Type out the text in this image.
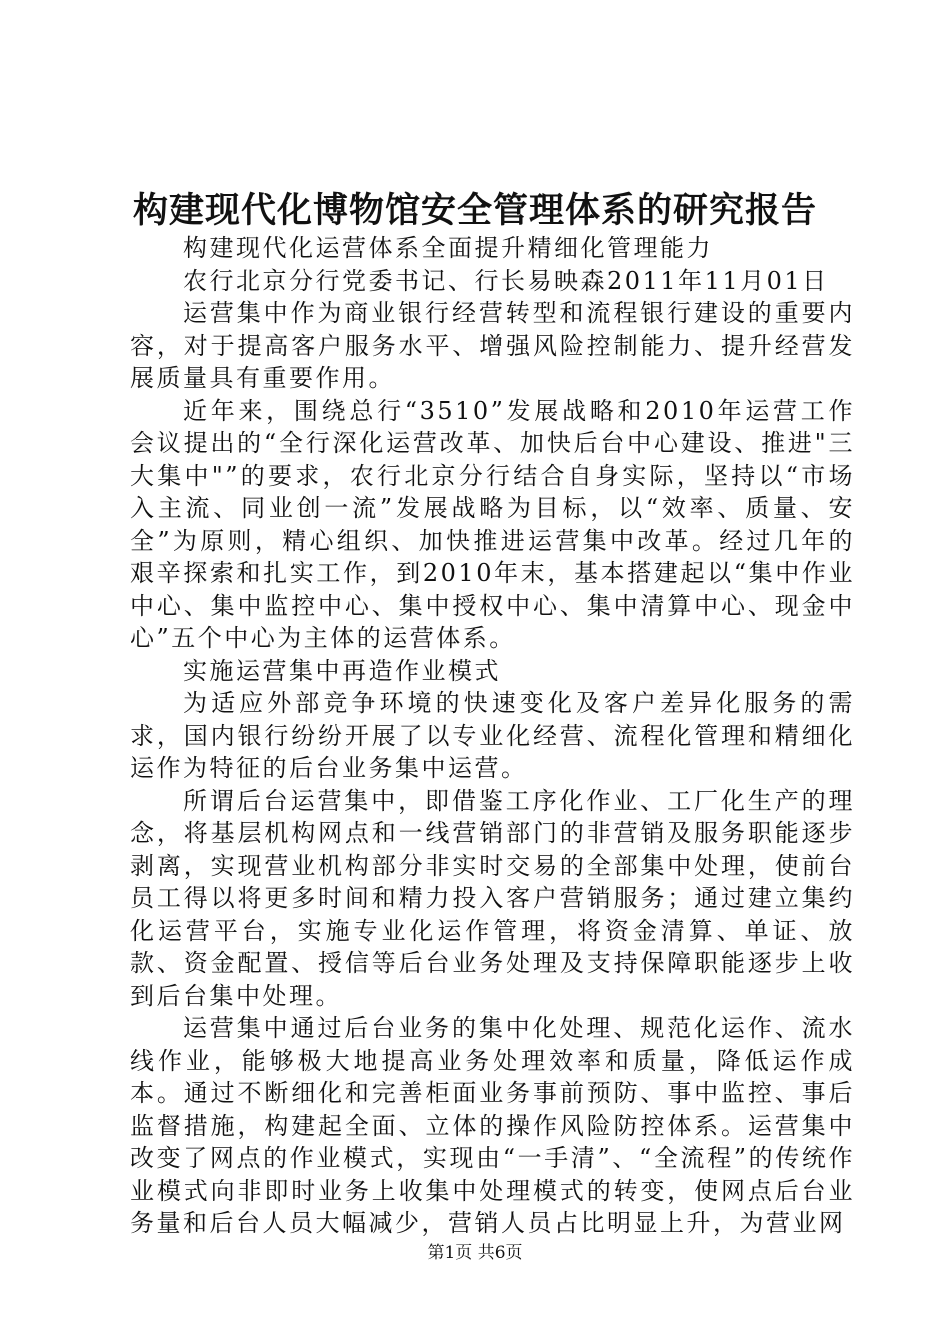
构建现代化博物馆安全管理体系的研究报告

构建现代化运营体系全面提升精细化管理能力

农行北京分行党委书记、行长易映森2011年11月01日

运营集中作为商业银行经营转型和流程银行建设的重要内容，对于提高客户服务水平、增强风险控制能力、提升经营发展质量具有重要作用。

近年来，围绕总行“3510”发展战略和2010年运营工作会议提出的“全行深化运营改革、加快后台中心建设、推进"三大集中"”的要求，农行北京分行结合自身实际，坚持以“市场入主流、同业创一流”发展战略为目标，以“效率、质量、安全”为原则，精心组织、加快推进运营集中改革。经过几年的艰辛探索和扎实工作，到2010年末，基本搭建起以“集中作业中心、集中监控中心、集中授权中心、集中清算中心、现金中心”五个中心为主体的运营体系。

实施运营集中再造作业模式

为适应外部竞争环境的快速变化及客户差异化服务的需求，国内银行纷纷开展了以专业化经营、流程化管理和精细化运作为特征的后台业务集中运营。

所谓后台运营集中，即借鉴工序化作业、工厂化生产的理念，将基层机构网点和一线营销部门的非营销及服务职能逐步剥离，实现营业机构部分非实时交易的全部集中处理，使前台员工得以将更多时间和精力投入客户营销服务；通过建立集约化运营平台，实施专业化运作管理，将资金清算、单证、放款、资金配置、授信等后台业务处理及支持保障职能逐步上收到后台集中处理。

运营集中通过后台业务的集中化处理、规范化运作、流水线作业，能够极大地提高业务处理效率和质量，降低运作成本。通过不断细化和完善柜面业务事前预防、事中监控、事后监督措施，构建起全面、立体的操作风险防控体系。运营集中改变了网点的作业模式，实现由“一手清”、“全流程”的传统作业模式向非即时业务上收集中处理模式的转变，使网点后台业务量和后台人员大幅减少，营销人员占比明显上升，为营业网

第1页 共6页
